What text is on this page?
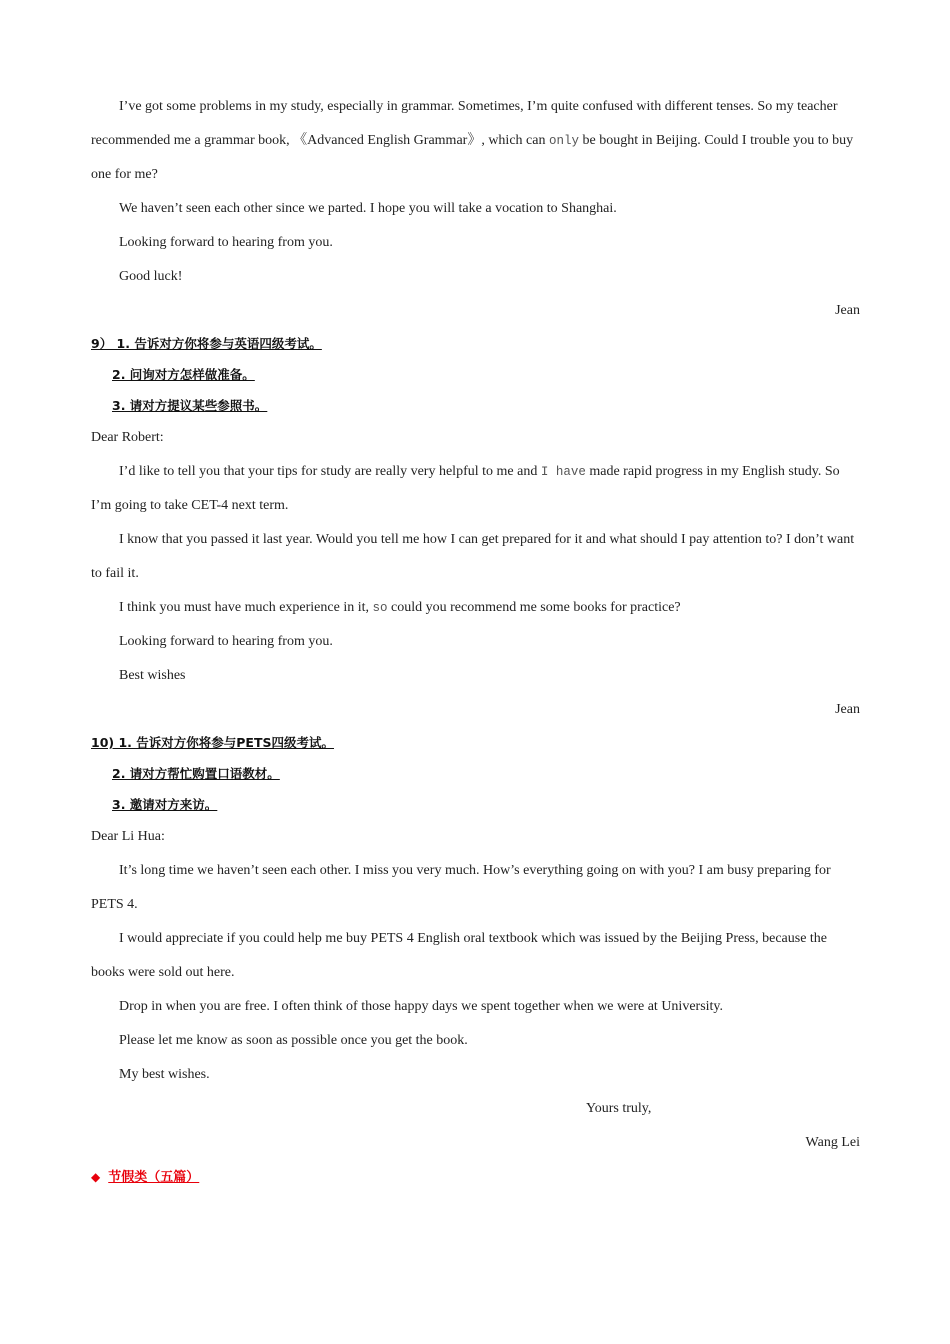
I’ve got some problems in my study, especially in grammar. Sometimes, I’m quite confused with different tenses. So my teacher recommended me a grammar book, 《Advanced English Grammar》, which can only be bought in Beijing. Could I trouble you to buy one for me?

We haven’t seen each other since we parted. I hope you will take a vocation to Shanghai.

Looking forward to hearing from you.

Good luck!

Jean

9） 1. 告诉对方你将参与英语四级考试。

2. 问询对方怎样做准备。

3. 请对方提议某些参照书。

Dear Robert:

I’d like to tell you that your tips for study are really very helpful to me and I have made rapid progress in my English study. So I’m going to take CET-4 next term.

I know that you passed it last year. Would you tell me how I can get prepared for it and what should I pay attention to? I don’t want to fail it.

I think you must have much experience in it, so could you recommend me some books for practice?

Looking forward to hearing from you.

Best wishes

Jean

10) 1. 告诉对方你将参与PETS四级考试。

2. 请对方帮忙购置口语教材。

3. 邀请对方来访。

Dear Li Hua:

It’s long time we haven’t seen each other. I miss you very much. How’s everything going on with you? I am busy preparing for PETS 4.

I would appreciate if you could help me buy PETS 4 English oral textbook which was issued by the Beijing Press, because the books were sold out here.

Drop in when you are free. I often think of those happy days we spent together when we were at University.

Please let me know as soon as possible once you get the book.

My best wishes.

Yours truly,

Wang Lei

◆ 节假类（五篇）
